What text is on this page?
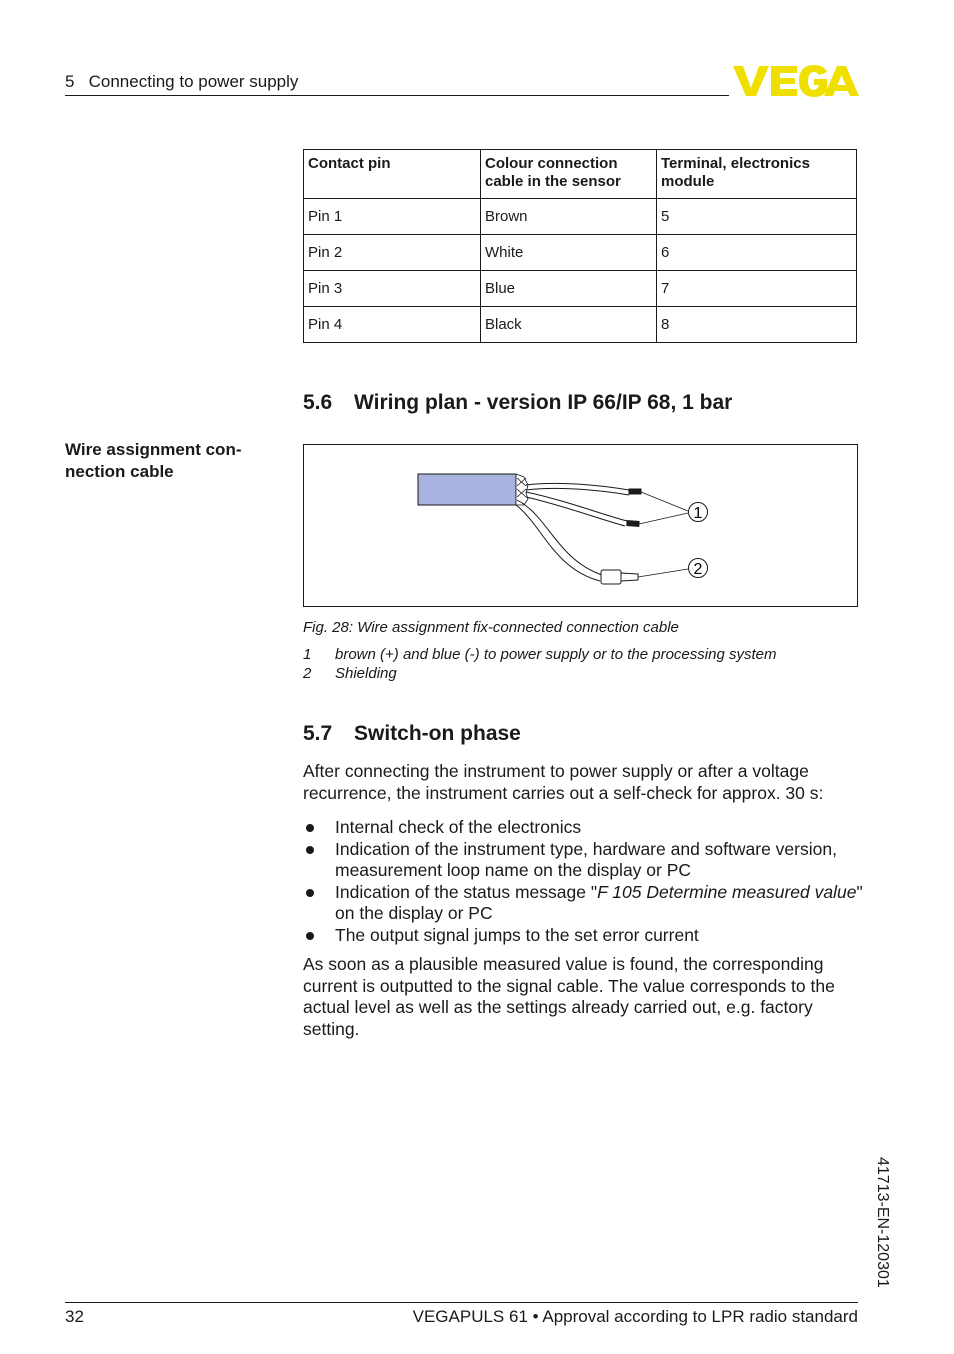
5   Connecting to power supply
Contact pin	Colour connection cable in the sensor	Terminal, electronics module
Pin 1	Brown	5
Pin 2	White	6
Pin 3	Blue	7
Pin 4	Black	8
5.6 Wiring plan - version IP 66/IP 68, 1 bar
Wire assignment con-nection cable
1
2
Fig. 28: Wire assignment fix-connected connection cable
1	brown (+) and blue (-) to power supply or to the processing system
2	Shielding
5.7 Switch-on phase
After connecting the instrument to power supply or after a voltage recurrence, the instrument carries out a self-check for approx. 30 s:
Internal check of the electronics
Indication of the instrument type, hardware and software version, measurement loop name on the display or PC
Indication of the status message "F 105 Determine measured value" on the display or PC
The output signal jumps to the set error current
As soon as a plausible measured value is found, the corresponding current is outputted to the signal cable. The value corresponds to the actual level as well as the settings already carried out, e.g. factory setting.
41713-EN-120301
32	VEGAPULS 61 • Approval according to LPR radio standard
